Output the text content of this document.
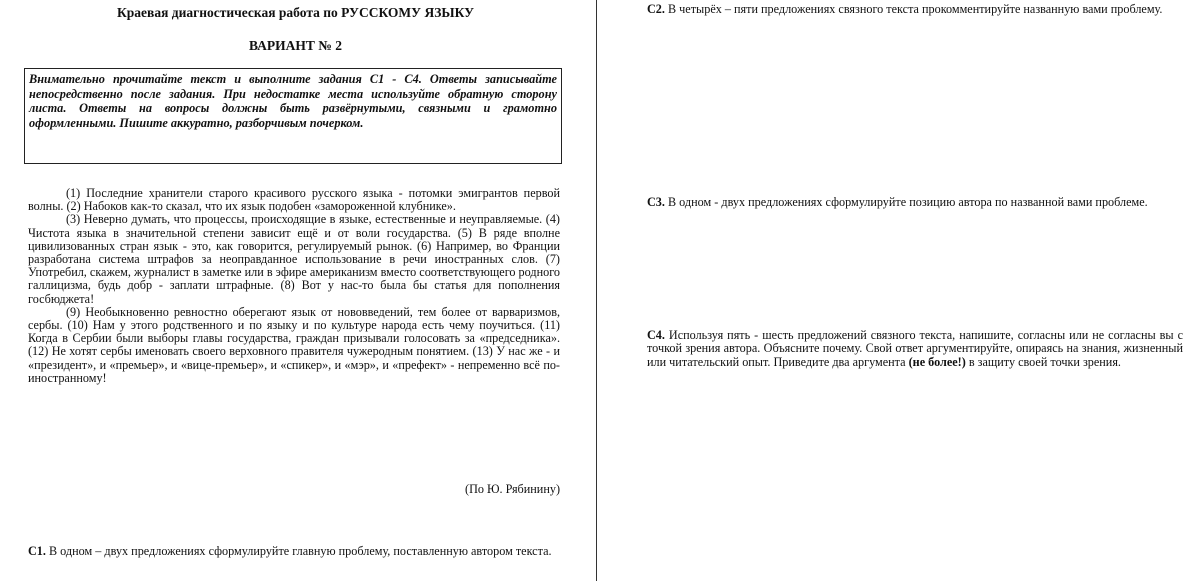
Краевая диагностическая работа по РУССКОМУ ЯЗЫКУ
ВАРИАНТ № 2
Внимательно прочитайте текст и выполните задания С1 - С4. Ответы записывайте непосредственно после задания. При недостатке места используйте обратную сторону листа. Ответы на вопросы должны быть развёрнутыми, связными и грамотно оформленными. Пишите аккуратно, разборчивым почерком.

(1) Последние хранители старого красивого русского языка - потомки эмигрантов первой волны. (2) Набоков как-то сказал, что их язык подобен «замороженной клубнике».

(3) Неверно думать, что процессы, происходящие в языке, естественные и неуправляемые. (4) Чистота языка в значительной степени зависит ещё и от воли государства. (5) В ряде вполне цивилизованных стран язык - это, как говорится, регулируемый рынок. (6) Например, во Франции разработана система штрафов за неоправданное использование в речи иностранных слов. (7) Употребил, скажем, журналист в заметке или в эфире американизм вместо соответствующего родного галлицизма, будь добр - заплати штрафные. (8) Вот у нас-то была бы статья для пополнения госбюджета!

(9) Необыкновенно ревностно оберегают язык от нововведений, тем более от варваризмов, сербы. (10) Нам у этого родственного и по языку и по культуре народа есть чему поучиться. (11) Когда в Сербии были выборы главы государства, граждан призывали голосовать за «председника». (12) Не хотят сербы именовать своего верховного правителя чужеродным понятием. (13) У нас же - и «президент», и «премьер», и «вице-премьер», и «спикер», и «мэр», и «префект» - непременно всё по-иностранному!

(По Ю. Рябинину)
С1. В одном – двух предложениях сформулируйте главную проблему, поставленную автором текста.
С2. В четырёх – пяти предложениях связного текста прокомментируйте названную вами проблему.
С3. В одном - двух предложениях сформулируйте позицию автора по названной вами проблеме.
С4. Используя пять - шесть предложений связного текста, напишите, согласны или не согласны вы с точкой зрения автора. Объясните почему. Свой ответ аргументируйте, опираясь на знания, жизненный или читательский опыт. Приведите два аргумента (не более!) в защиту своей точки зрения.
